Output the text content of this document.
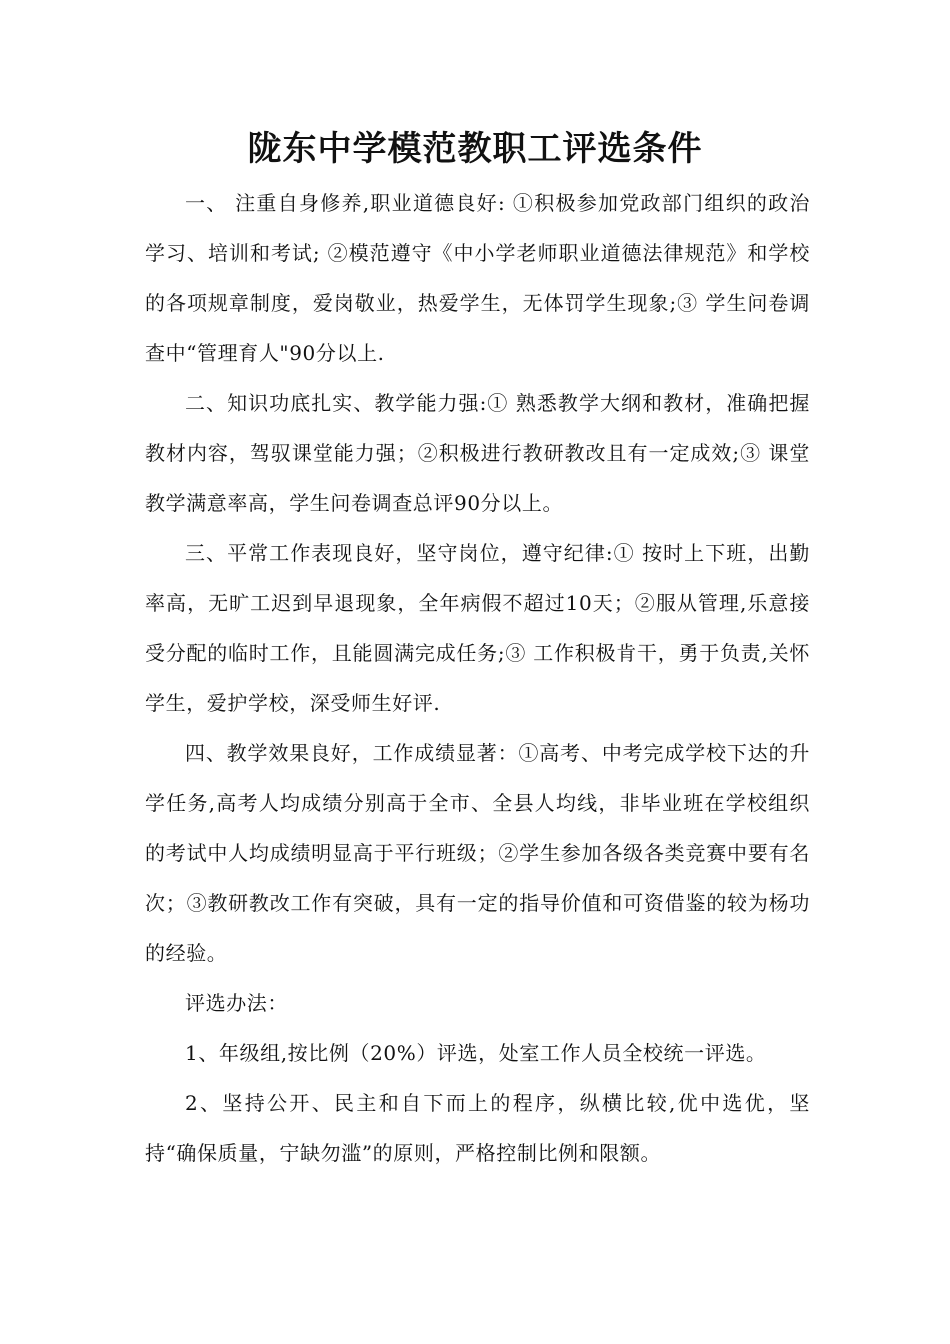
陇东中学模范教职工评选条件

一、 注重自身修养,职业道德良好: ①积极参加党政部门组织的政治学习、培训和考试; ②模范遵守《中小学老师职业道德法律规范》和学校的各项规章制度，爱岗敬业，热爱学生，无体罚学生现象;③ 学生问卷调查中“管理育人"90分以上.

二、知识功底扎实、教学能力强:① 熟悉教学大纲和教材，准确把握教材内容，驾驭课堂能力强；②积极进行教研教改且有一定成效;③ 课堂教学满意率高，学生问卷调查总评90分以上。

三、平常工作表现良好，坚守岗位，遵守纪律:① 按时上下班，出勤率高，无旷工迟到早退现象，全年病假不超过10天；②服从管理,乐意接受分配的临时工作，且能圆满完成任务;③ 工作积极肯干，勇于负责,关怀学生，爱护学校，深受师生好评.

四、教学效果良好，工作成绩显著：①高考、中考完成学校下达的升学任务,高考人均成绩分别高于全市、全县人均线，非毕业班在学校组织的考试中人均成绩明显高于平行班级；②学生参加各级各类竞赛中要有名次；③教研教改工作有突破，具有一定的指导价值和可资借鉴的较为杨功的经验。

评选办法：

1、年级组,按比例（20%）评选，处室工作人员全校统一评选。

2、坚持公开、民主和自下而上的程序，纵横比较,优中选优，坚持“确保质量，宁缺勿滥”的原则，严格控制比例和限额。
